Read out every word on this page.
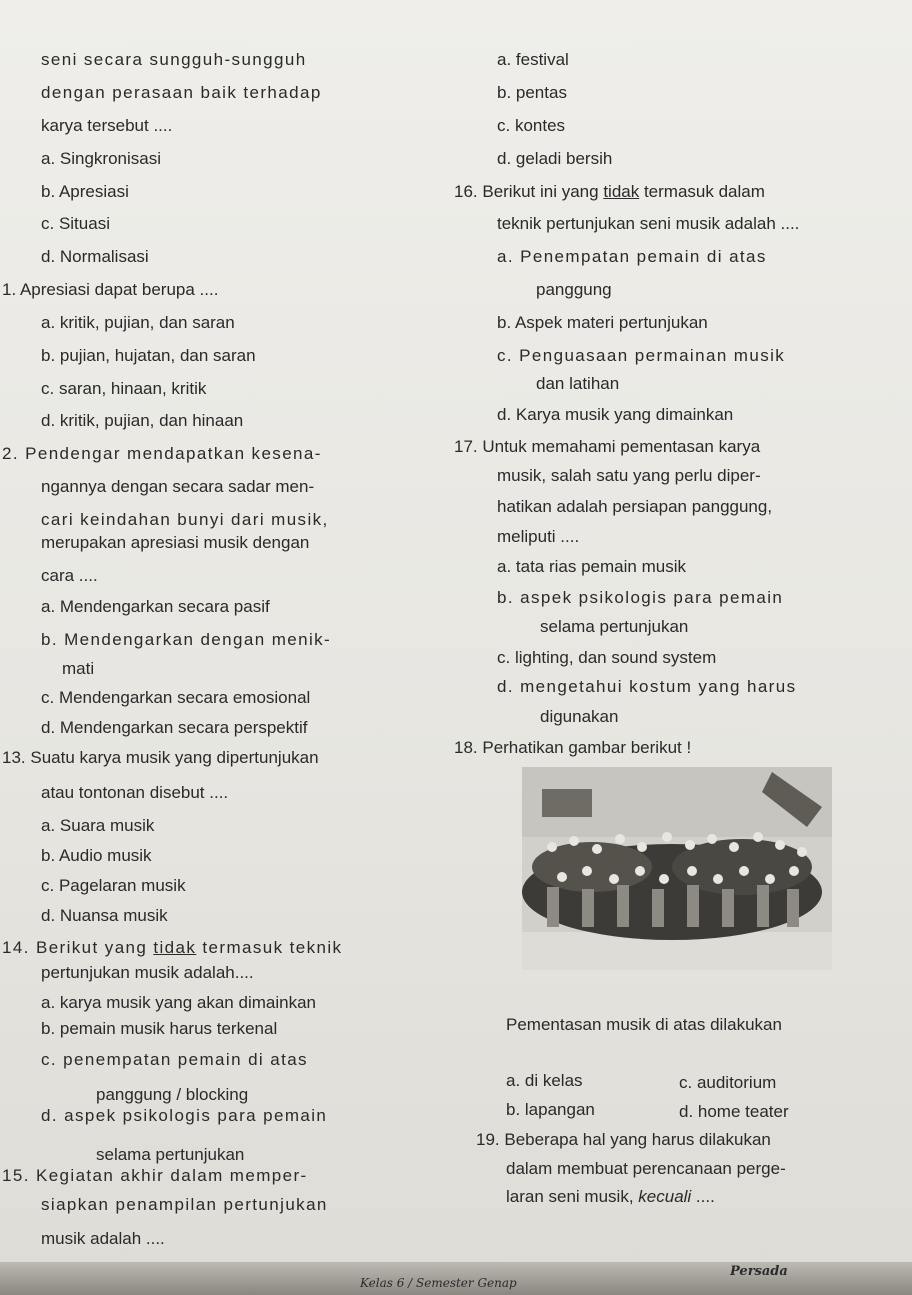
seni secara sungguh-sungguh
dengan perasaan baik terhadap
karya tersebut ....
a. Singkronisasi
b. Apresiasi
c. Situasi
d. Normalisasi
1. Apresiasi dapat berupa ....
a. kritik, pujian, dan saran
b. pujian, hujatan, dan saran
c. saran, hinaan, kritik
d. kritik, pujian, dan hinaan
2. Pendengar mendapatkan kesena-
ngannya dengan secara sadar men-
cari keindahan bunyi dari musik,
merupakan apresiasi musik dengan
cara ....
a. Mendengarkan secara pasif
b. Mendengarkan dengan menik-
mati
c. Mendengarkan secara emosional
d. Mendengarkan secara perspektif
13. Suatu karya musik yang dipertunjukan
atau tontonan disebut ....
a. Suara musik
b. Audio musik
c. Pagelaran musik
d. Nuansa musik
14. Berikut yang tidak termasuk teknik
pertunjukan musik adalah....
a. karya musik yang akan dimainkan
b. pemain musik harus terkenal
c. penempatan pemain di atas
panggung / blocking
d. aspek psikologis para pemain
selama pertunjukan
15. Kegiatan akhir dalam memper-
siapkan penampilan pertunjukan
musik adalah ....
a. festival
b. pentas
c. kontes
d. geladi bersih
16. Berikut ini yang tidak termasuk dalam
teknik pertunjukan seni musik adalah ....
a. Penempatan pemain di atas
panggung
b. Aspek materi pertunjukan
c. Penguasaan permainan musik
dan latihan
d. Karya musik yang dimainkan
17. Untuk memahami pementasan karya
musik, salah satu yang perlu diper-
hatikan adalah persiapan panggung,
meliputi ....
a. tata rias pemain musik
b. aspek psikologis para pemain
selama pertunjukan
c. lighting, dan sound system
d. mengetahui kostum yang harus
digunakan
18. Perhatikan gambar berikut !
Pementasan musik di atas dilakukan
a. di kelas	c. auditorium
b. lapangan	d. home teater
19. Beberapa hal yang harus dilakukan
dalam membuat perencanaan perge-
laran seni musik, kecuali ....
Kelas 6 / Semester Genap
Persada
